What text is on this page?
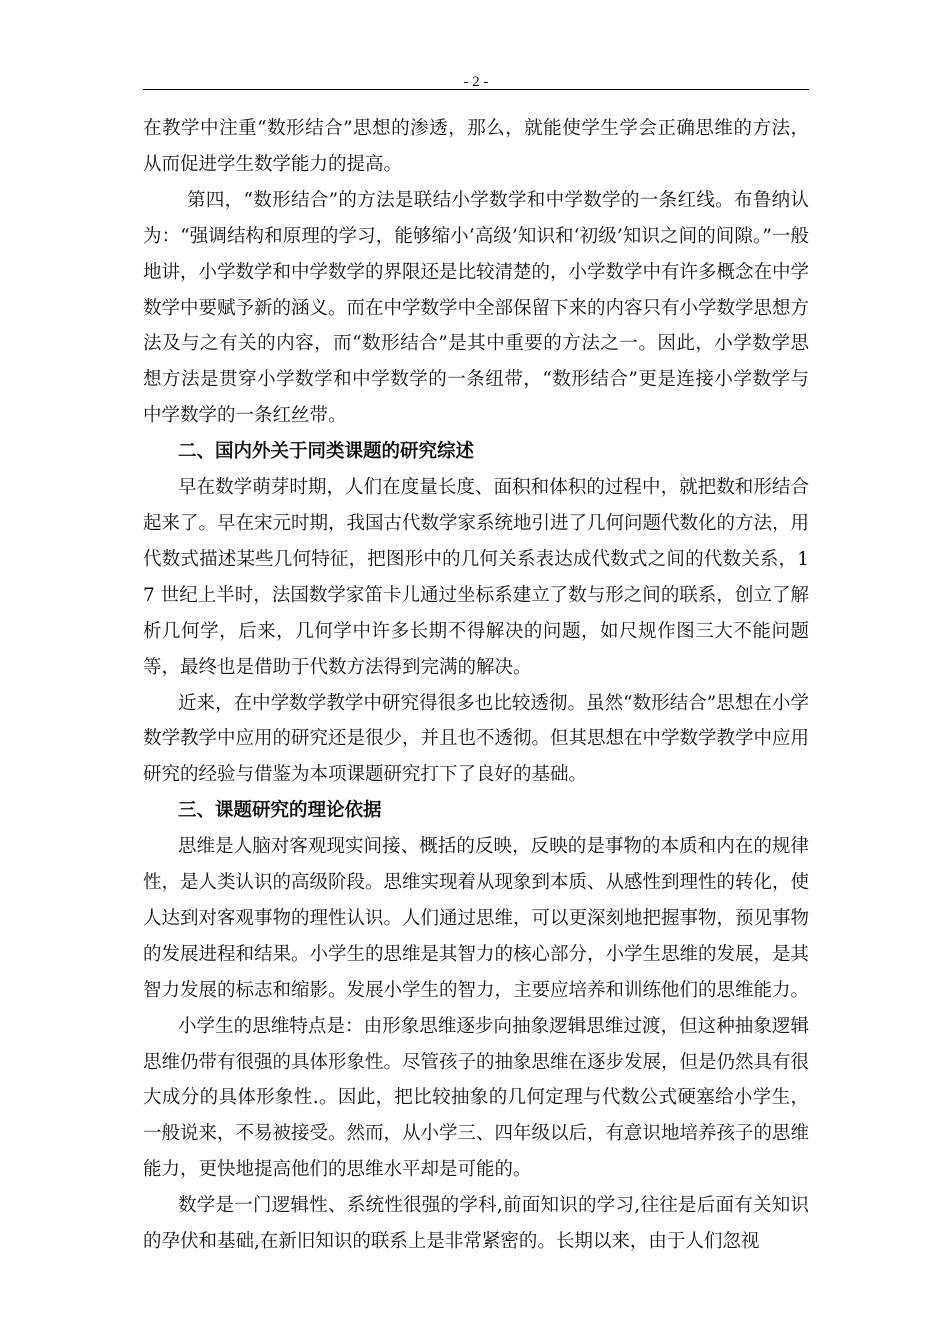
- 2 -

在教学中注重“数形结合”思想的渗透，那么，就能使学生学会正确思维的方法，从而促进学生数学能力的提高。

第四，“数形结合”的方法是联结小学数学和中学数学的一条红线。布鲁纳认为：“强调结构和原理的学习，能够缩小‘高级’知识和‘初级’知识之间的间隙。”一般地讲，小学数学和中学数学的界限还是比较清楚的，小学数学中有许多概念在中学数学中要赋予新的涵义。而在中学数学中全部保留下来的内容只有小学数学思想方法及与之有关的内容，而“数形结合”是其中重要的方法之一。因此，小学数学思想方法是贯穿小学数学和中学数学的一条纽带，“数形结合”更是连接小学数学与中学数学的一条红丝带。

二、国内外关于同类课题的研究综述

早在数学萌芽时期，人们在度量长度、面积和体积的过程中，就把数和形结合起来了。早在宋元时期，我国古代数学家系统地引进了几何问题代数化的方法，用代数式描述某些几何特征，把图形中的几何关系表达成代数式之间的代数关系，17 世纪上半时，法国数学家笛卡儿通过坐标系建立了数与形之间的联系，创立了解析几何学，后来，几何学中许多长期不得解决的问题，如尺规作图三大不能问题等，最终也是借助于代数方法得到完满的解决。

近来，在中学数学教学中研究得很多也比较透彻。虽然“数形结合”思想在小学数学教学中应用的研究还是很少，并且也不透彻。但其思想在中学数学教学中应用研究的经验与借鉴为本项课题研究打下了良好的基础。

三、课题研究的理论依据

思维是人脑对客观现实间接、概括的反映，反映的是事物的本质和内在的规律性，是人类认识的高级阶段。思维实现着从现象到本质、从感性到理性的转化，使人达到对客观事物的理性认识。人们通过思维，可以更深刻地把握事物，预见事物的发展进程和结果。小学生的思维是其智力的核心部分，小学生思维的发展，是其智力发展的标志和缩影。发展小学生的智力，主要应培养和训练他们的思维能力。

小学生的思维特点是：由形象思维逐步向抽象逻辑思维过渡，但这种抽象逻辑思维仍带有很强的具体形象性。尽管孩子的抽象思维在逐步发展，但是仍然具有很大成分的具体形象性.。因此，把比较抽象的几何定理与代数公式硬塞给小学生，一般说来，不易被接受。然而，从小学三、四年级以后，有意识地培养孩子的思维能力，更快地提高他们的思维水平却是可能的。

数学是一门逻辑性、系统性很强的学科,前面知识的学习,往往是后面有关知识的孕伏和基础,在新旧知识的联系上是非常紧密的。长期以来，由于人们忽视
